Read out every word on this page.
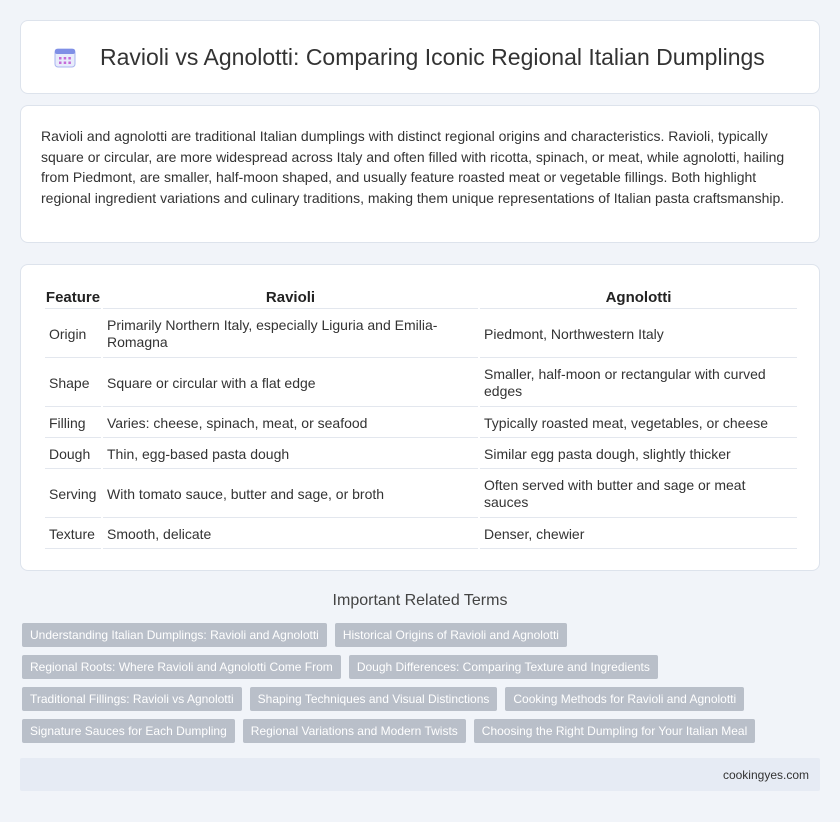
Ravioli vs Agnolotti: Comparing Iconic Regional Italian Dumplings

Ravioli and agnolotti are traditional Italian dumplings with distinct regional origins and characteristics. Ravioli, typically square or circular, are more widespread across Italy and often filled with ricotta, spinach, or meat, while agnolotti, hailing from Piedmont, are smaller, half-moon shaped, and usually feature roasted meat or vegetable fillings. Both highlight regional ingredient variations and culinary traditions, making them unique representations of Italian pasta craftsmanship.

Feature	Ravioli	Agnolotti
Origin	Primarily Northern Italy, especially Liguria and Emilia-Romagna	Piedmont, Northwestern Italy
Shape	Square or circular with a flat edge	Smaller, half-moon or rectangular with curved edges
Filling	Varies: cheese, spinach, meat, or seafood	Typically roasted meat, vegetables, or cheese
Dough	Thin, egg-based pasta dough	Similar egg pasta dough, slightly thicker
Serving	With tomato sauce, butter and sage, or broth	Often served with butter and sage or meat sauces
Texture	Smooth, delicate	Denser, chewier
Important Related Terms
Understanding Italian Dumplings: Ravioli and Agnolotti	Historical Origins of Ravioli and Agnolotti
Regional Roots: Where Ravioli and Agnolotti Come From	Dough Differences: Comparing Texture and Ingredients
Traditional Fillings: Ravioli vs Agnolotti	Shaping Techniques and Visual Distinctions	Cooking Methods for Ravioli and Agnolotti
Signature Sauces for Each Dumpling	Regional Variations and Modern Twists	Choosing the Right Dumpling for Your Italian Meal
cookingyes.com
